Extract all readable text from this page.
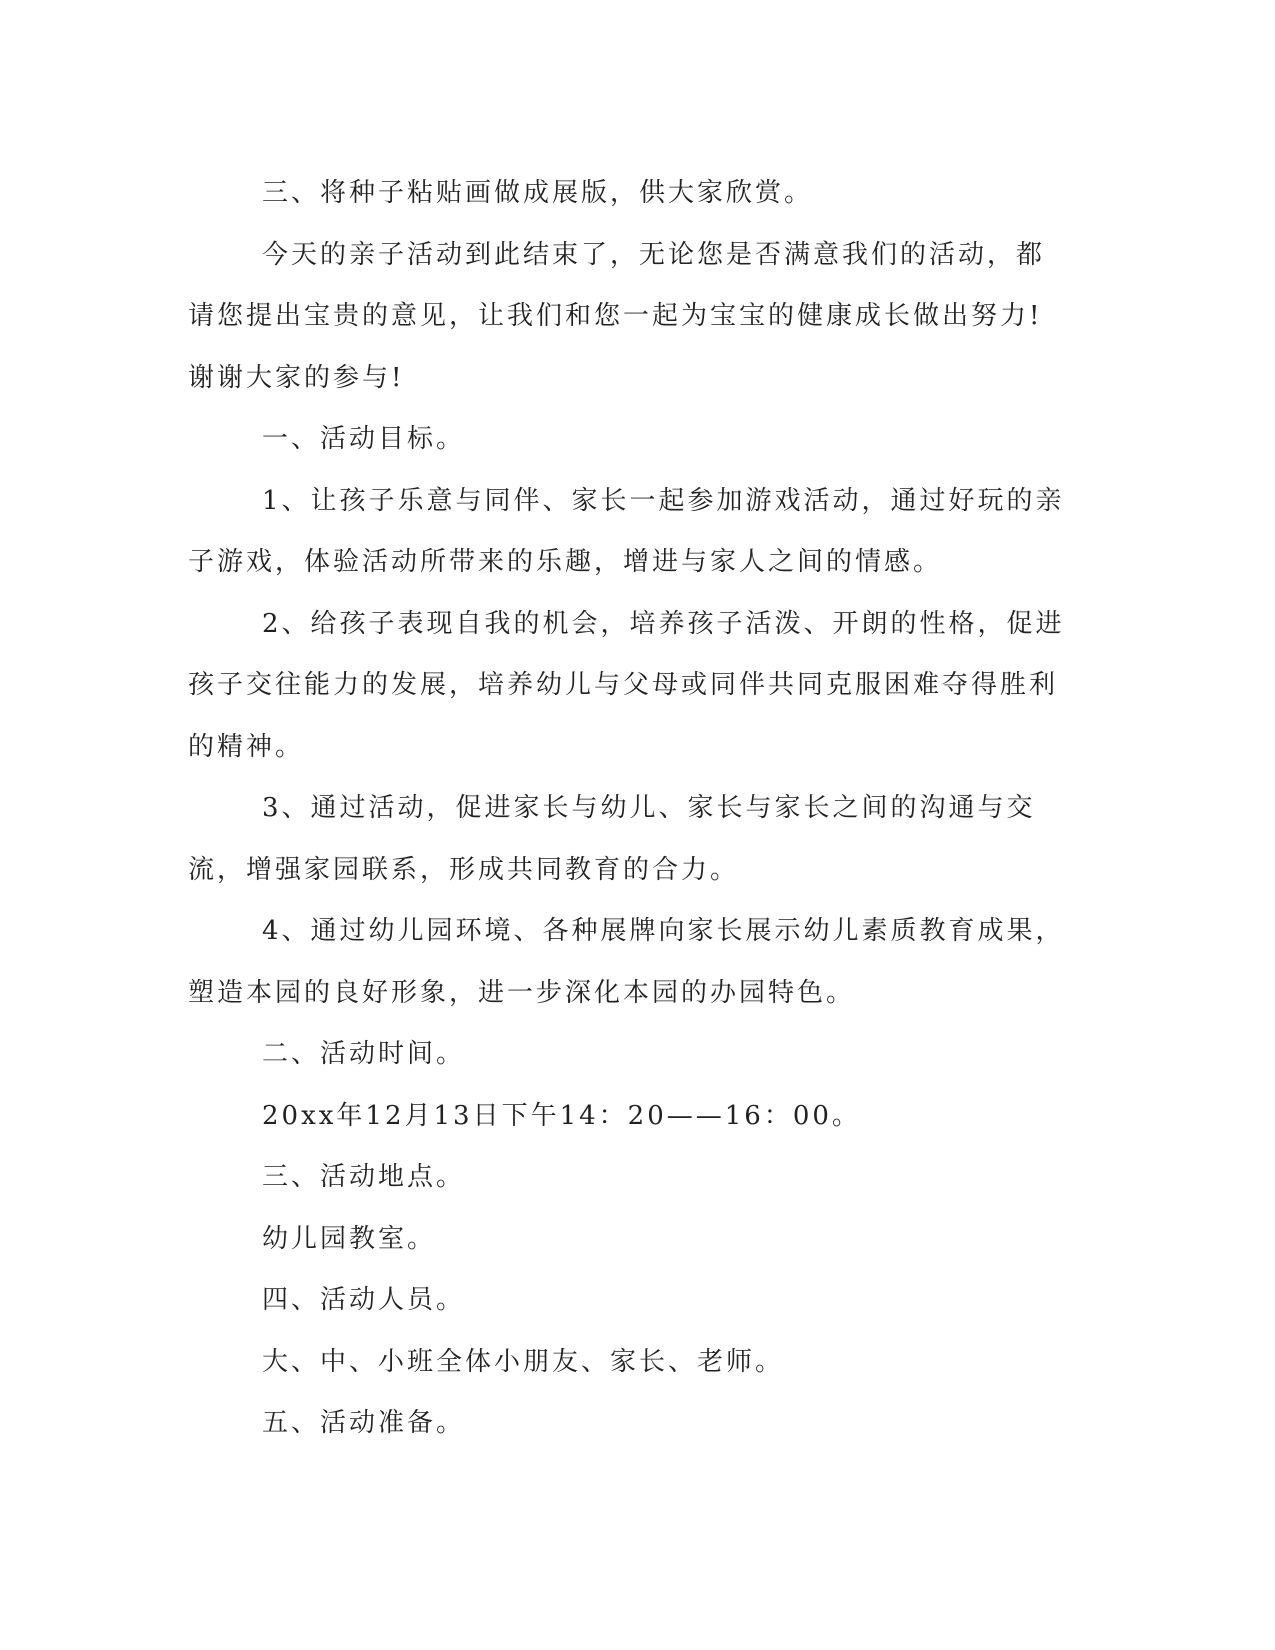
三、将种子粘贴画做成展版，供大家欣赏。

今天的亲子活动到此结束了，无论您是否满意我们的活动，都请您提出宝贵的意见，让我们和您一起为宝宝的健康成长做出努力!谢谢大家的参与!

一、活动目标。

1、让孩子乐意与同伴、家长一起参加游戏活动，通过好玩的亲子游戏，体验活动所带来的乐趣，增进与家人之间的情感。

2、给孩子表现自我的机会，培养孩子活泼、开朗的性格，促进孩子交往能力的发展，培养幼儿与父母或同伴共同克服困难夺得胜利的精神。

3、通过活动，促进家长与幼儿、家长与家长之间的沟通与交流，增强家园联系，形成共同教育的合力。

4、通过幼儿园环境、各种展牌向家长展示幼儿素质教育成果，塑造本园的良好形象，进一步深化本园的办园特色。

二、活动时间。

20xx年12月13日下午14：20——16：00。

三、活动地点。

幼儿园教室。

四、活动人员。

大、中、小班全体小朋友、家长、老师。

五、活动准备。
